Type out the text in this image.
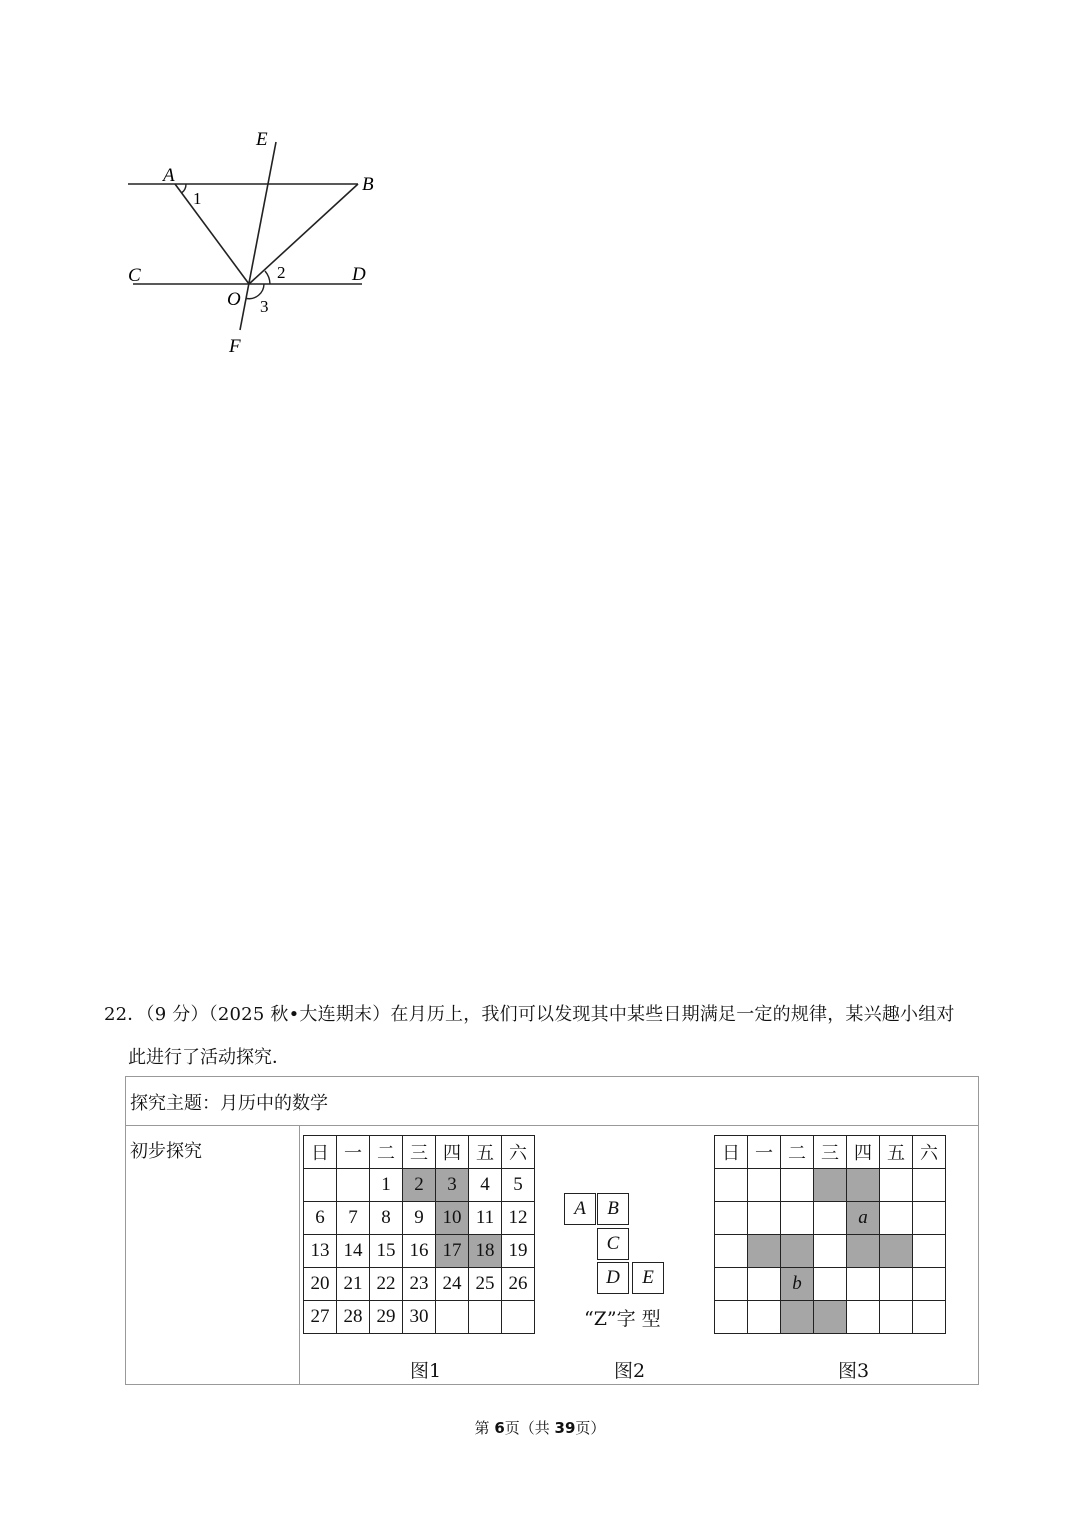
E
A	B
C	D
O
F
1
2
3
22．（9 分）（2025 秋•大连期末）在月历上，我们可以发现其中某些日期满足一定的规律，某兴趣小组对
此进行了活动探究．
探究主题：月历中的数学
初步探究	日	一	二	三	四	五	六
		1	2	3	4	5
6	7	8	9	10	11	12
13	14	15	16	17	18	19
20	21	22	23	24	25	26
27	28	29	30			
A	B
C
D	E
“Z”字 型
日	一	二	三	四	五	六

				a		

		b				

图1	图2	图3
第 6页（共 39页）
